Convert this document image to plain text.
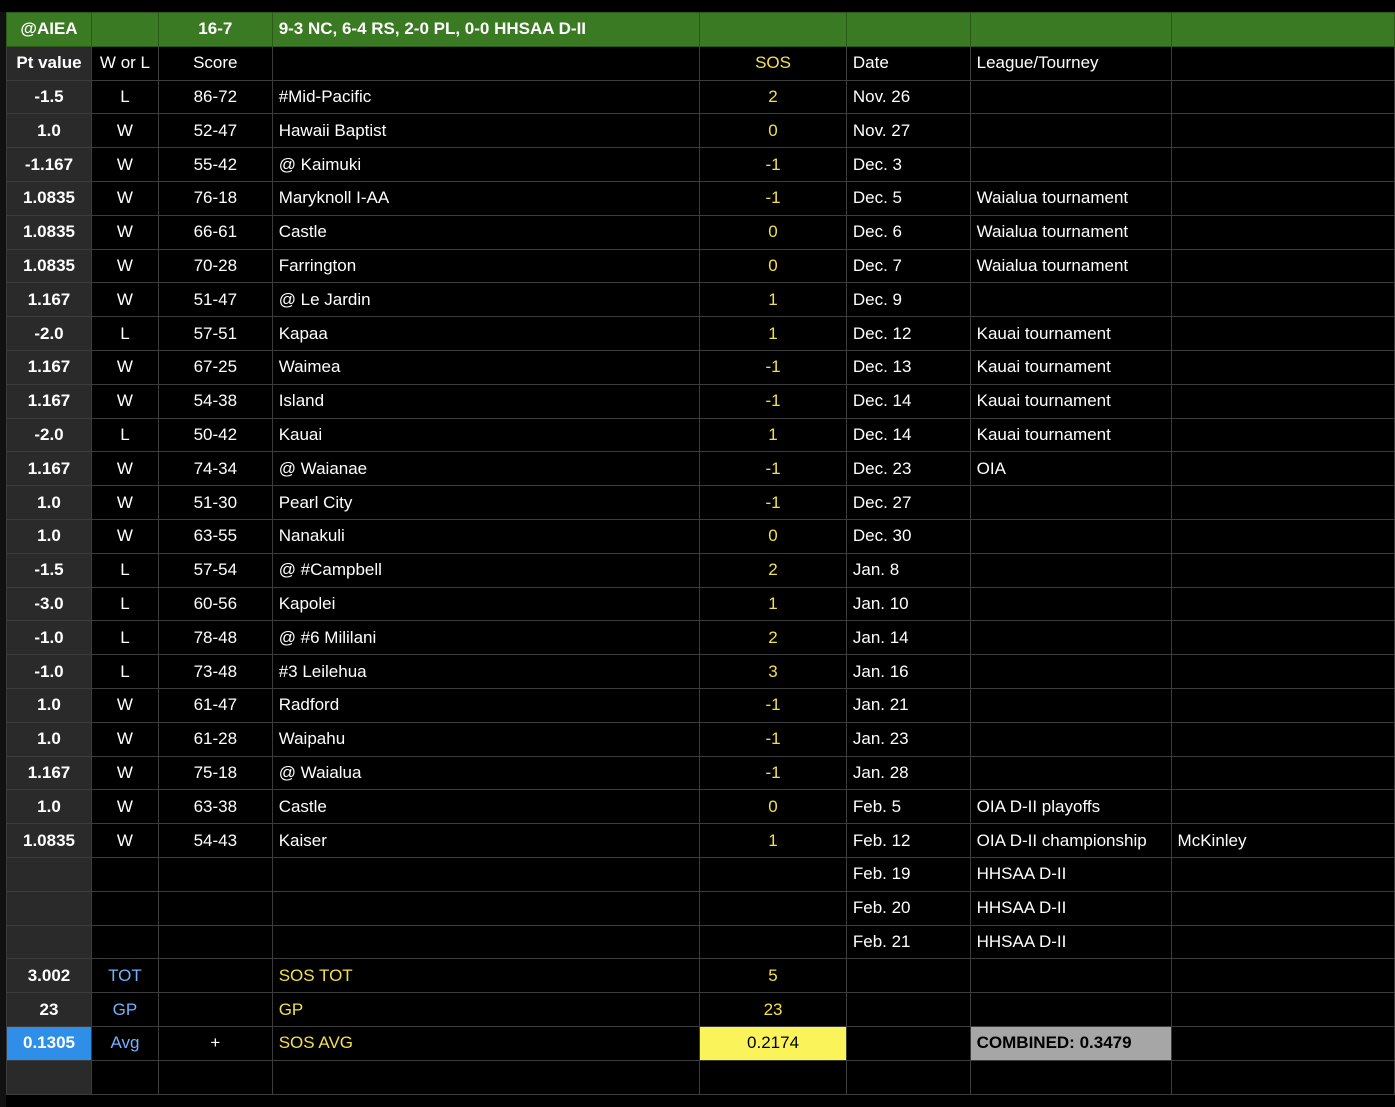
@AIEA		16-7	9-3 NC, 6-4 RS, 2-0 PL, 0-0 HHSAA D-II				
Pt value	W or L	Score		SOS	Date	League/Tourney	
-1.5	L	86-72	#Mid-Pacific	2	Nov. 26		
1.0	W	52-47	Hawaii Baptist	0	Nov. 27		
-1.167	W	55-42	@ Kaimuki	-1	Dec. 3		
1.0835	W	76-18	Maryknoll I-AA	-1	Dec. 5	Waialua tournament	
1.0835	W	66-61	Castle	0	Dec. 6	Waialua tournament	
1.0835	W	70-28	Farrington	0	Dec. 7	Waialua tournament	
1.167	W	51-47	@ Le Jardin	1	Dec. 9		
-2.0	L	57-51	Kapaa	1	Dec. 12	Kauai tournament	
1.167	W	67-25	Waimea	-1	Dec. 13	Kauai tournament	
1.167	W	54-38	Island	-1	Dec. 14	Kauai tournament	
-2.0	L	50-42	Kauai	1	Dec. 14	Kauai tournament	
1.167	W	74-34	@ Waianae	-1	Dec. 23	OIA	
1.0	W	51-30	Pearl City	-1	Dec. 27		
1.0	W	63-55	Nanakuli	0	Dec. 30		
-1.5	L	57-54	@ #Campbell	2	Jan. 8		
-3.0	L	60-56	Kapolei	1	Jan. 10		
-1.0	L	78-48	@ #6 Mililani	2	Jan. 14		
-1.0	L	73-48	#3 Leilehua	3	Jan. 16		
1.0	W	61-47	Radford	-1	Jan. 21		
1.0	W	61-28	Waipahu	-1	Jan. 23		
1.167	W	75-18	@ Waialua	-1	Jan. 28		
1.0	W	63-38	Castle	0	Feb. 5	OIA D-II playoffs	
1.0835	W	54-43	Kaiser	1	Feb. 12	OIA D-II championship	McKinley
					Feb. 19	HHSAA D-II	
					Feb. 20	HHSAA D-II	
					Feb. 21	HHSAA D-II	
3.002	TOT		SOS TOT	5			
23	GP		GP	23			
0.1305	Avg	+	SOS AVG	0.2174		COMBINED: 0.3479	
